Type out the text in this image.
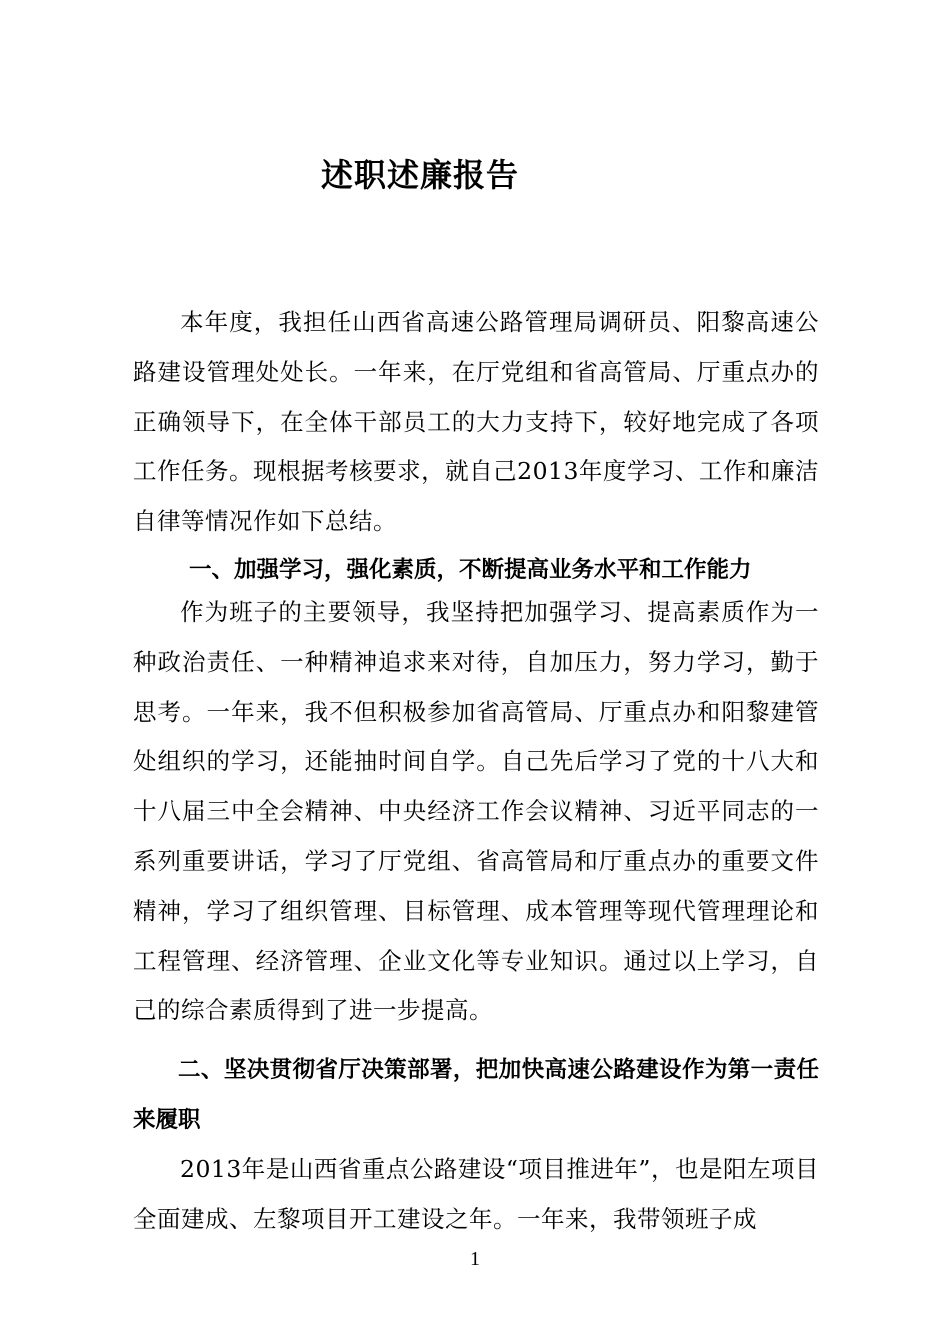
述职述廉报告

本年度，我担任山西省高速公路管理局调研员、阳黎高速公路建设管理处处长。一年来，在厅党组和省高管局、厅重点办的正确领导下，在全体干部员工的大力支持下，较好地完成了各项工作任务。现根据考核要求，就自己2013年度学习、工作和廉洁自律等情况作如下总结。

一、加强学习，强化素质，不断提高业务水平和工作能力

作为班子的主要领导，我坚持把加强学习、提高素质作为一种政治责任、一种精神追求来对待，自加压力，努力学习，勤于思考。一年来，我不但积极参加省高管局、厅重点办和阳黎建管处组织的学习，还能抽时间自学。自己先后学习了党的十八大和十八届三中全会精神、中央经济工作会议精神、习近平同志的一系列重要讲话，学习了厅党组、省高管局和厅重点办的重要文件精神，学习了组织管理、目标管理、成本管理等现代管理理论和工程管理、经济管理、企业文化等专业知识。通过以上学习，自己的综合素质得到了进一步提高。

二、坚决贯彻省厅决策部署，把加快高速公路建设作为第一责任来履职

2013年是山西省重点公路建设“项目推进年”，也是阳左项目全面建成、左黎项目开工建设之年。一年来，我带领班子成

1
